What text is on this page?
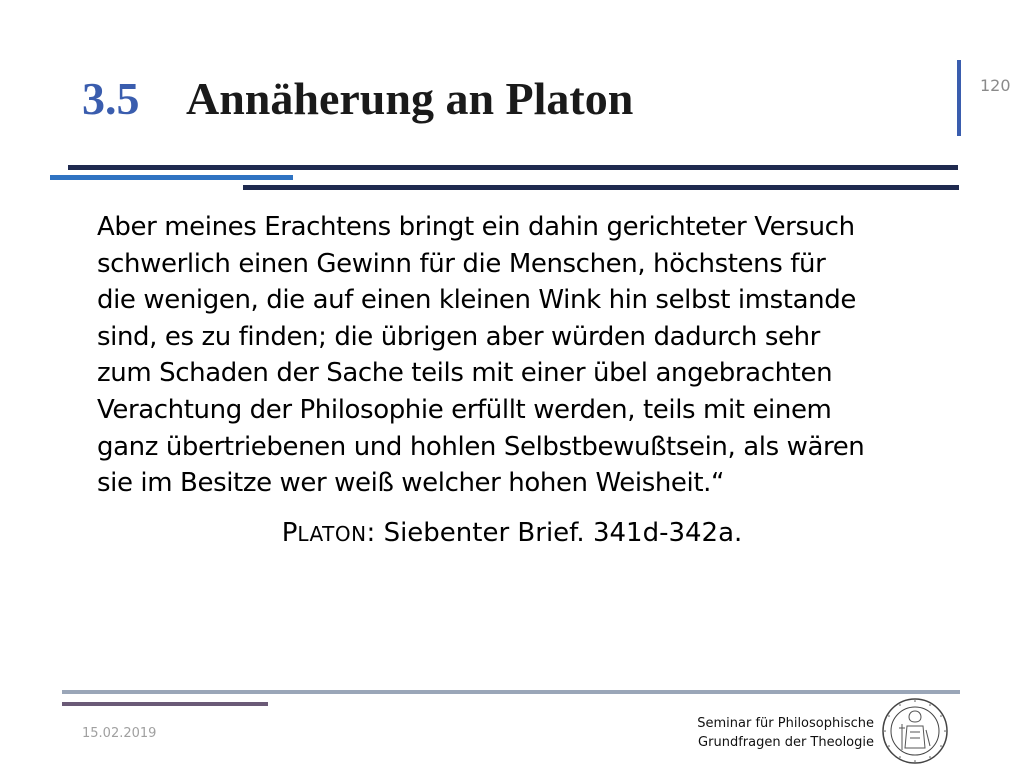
3.5 Annäherung an Platon	120
Aber meines Erachtens bringt ein dahin gerichteter Versuch
schwerlich einen Gewinn für die Menschen, höchstens für
die wenigen, die auf einen kleinen Wink hin selbst imstande
sind, es zu finden; die übrigen aber würden dadurch sehr
zum Schaden der Sache teils mit einer übel angebrachten
Verachtung der Philosophie erfüllt werden, teils mit einem
ganz übertriebenen und hohlen Selbstbewußtsein, als wären
sie im Besitze wer weiß welcher hohen Weisheit.“
PLATON: Siebenter Brief. 341d-342a.
15.02.2019
Seminar für Philosophische
Grundfragen der Theologie
